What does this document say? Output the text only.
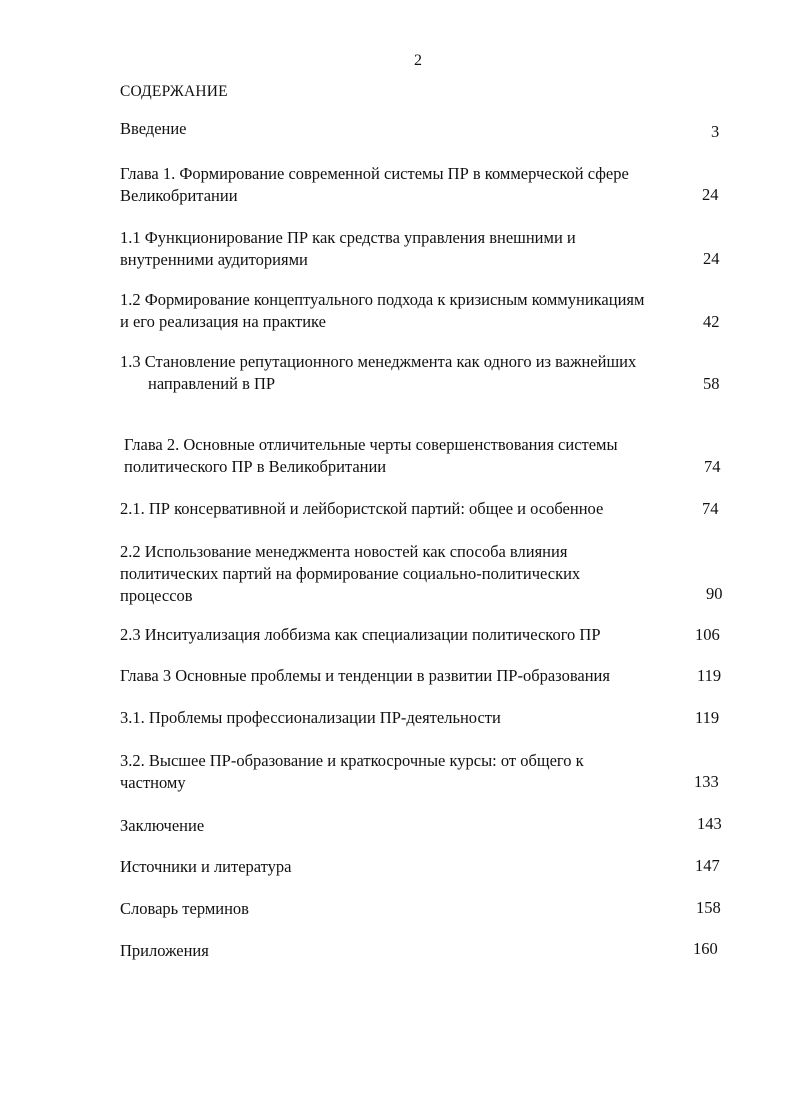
2
СОДЕРЖАНИЕ
Введение	3
Глава 1. Формирование современной системы ПР в коммерческой сфере
Великобритании	24
1.1 Функционирование ПР как средства управления внешними и
внутренними аудиториями	24
1.2 Формирование концептуального подхода к кризисным коммуникациям
и его реализация на практике	42
1.3 Становление репутационного менеджмента как одного из важнейших
направлений в ПР	58
Глава 2. Основные отличительные черты совершенствования системы
политического ПР в Великобритании	74
2.1. ПР консервативной и лейбористской партий: общее и особенное	74
2.2 Использование менеджмента новостей как способа влияния
политических партий на формирование социально-политических
процессов	90
2.3 Инситуализация лоббизма как специализации политического ПР	106
Глава 3 Основные проблемы и тенденции в развитии ПР-образования	119
3.1. Проблемы профессионализации ПР-деятельности	119
3.2. Высшее ПР-образование и краткосрочные курсы: от общего к
частному	133
Заключение	143
Источники и литература	147
Словарь терминов	158
Приложения	160
